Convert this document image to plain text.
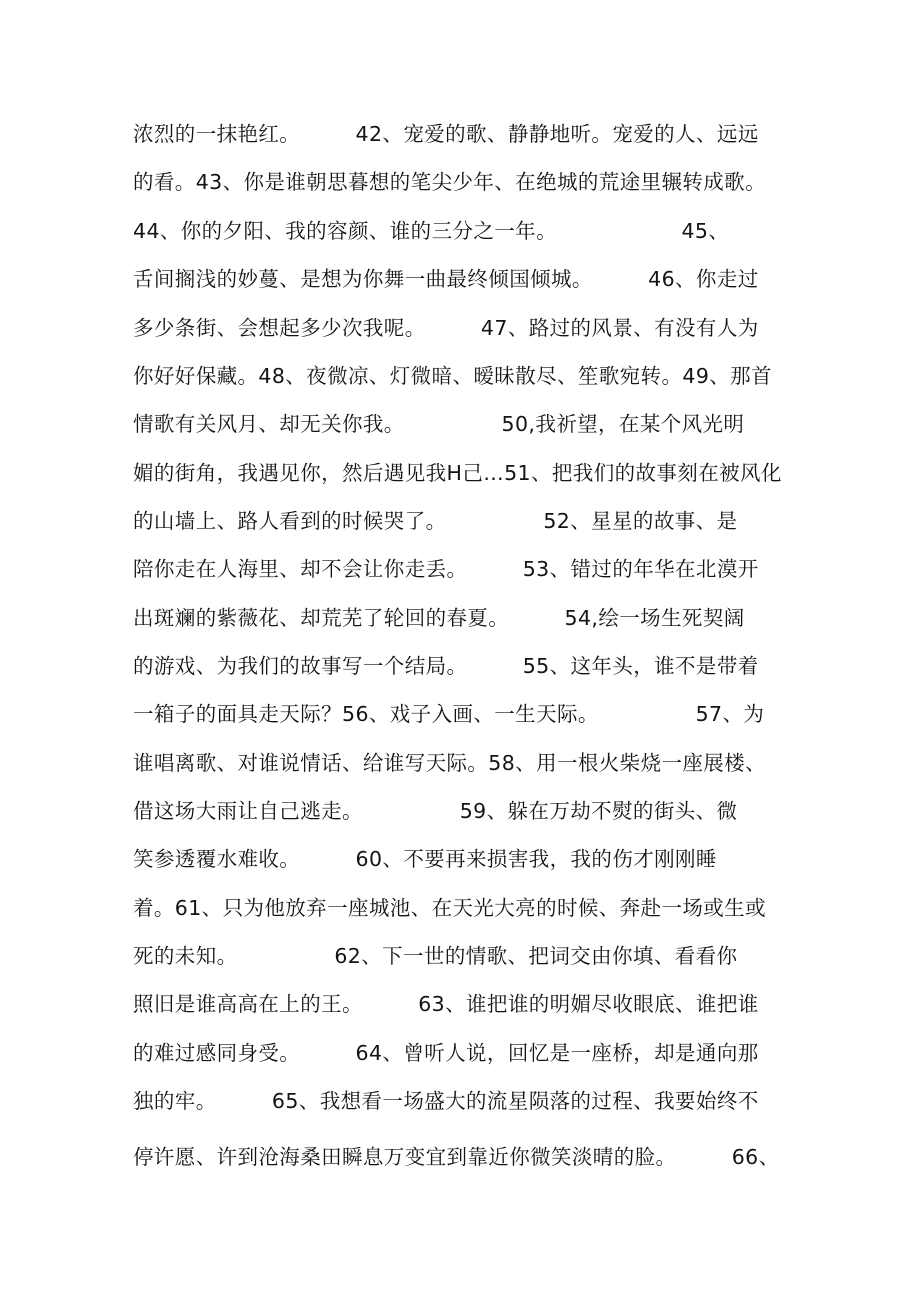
浓烈的一抹艳红。        42、宠爱的歌、静静地听。宠爱的人、远远
的看。43、你是谁朝思暮想的笔尖少年、在绝城的荒途里辗转成歌。
44、你的夕阳、我的容颜、谁的三分之一年。                  45、
舌间搁浅的妙蔓、是想为你舞一曲最终倾国倾城。        46、你走过
多少条街、会想起多少次我呢。        47、路过的风景、有没有人为
你好好保藏。48、夜微凉、灯微暗、暧昧散尽、笙歌宛转。49、那首
情歌有关风月、却无关你我。              50,我祈望，在某个风光明
媚的街角，我遇见你，然后遇见我H己…51、把我们的故事刻在被风化
的山墙上、路人看到的时候哭了。              52、星星的故事、是
陪你走在人海里、却不会让你走丢。        53、错过的年华在北漠开
出斑斓的紫薇花、却荒芜了轮回的春夏。        54,绘一场生死契阔
的游戏、为我们的故事写一个结局。        55、这年头，谁不是带着
一箱子的面具走天际？56、戏子入画、一生天际。              57、为
谁唱离歌、对谁说情话、给谁写天际。58、用一根火柴烧一座展楼、
借这场大雨让自己逃走。              59、躲在万劫不熨的街头、微
笑参透覆水难收。        60、不要再来损害我，我的伤才刚刚睡
着。61、只为他放弃一座城池、在天光大亮的时候、奔赴一场或生或
死的未知。              62、下一世的情歌、把词交由你填、看看你
照旧是谁高高在上的王。        63、谁把谁的明媚尽收眼底、谁把谁
的难过感同身受。        64、曾听人说，回忆是一座桥，却是通向那
独的牢。        65、我想看一场盛大的流星陨落的过程、我要始终不
停许愿、许到沧海桑田瞬息万变宜到靠近你微笑淡晴的脸。        66、
